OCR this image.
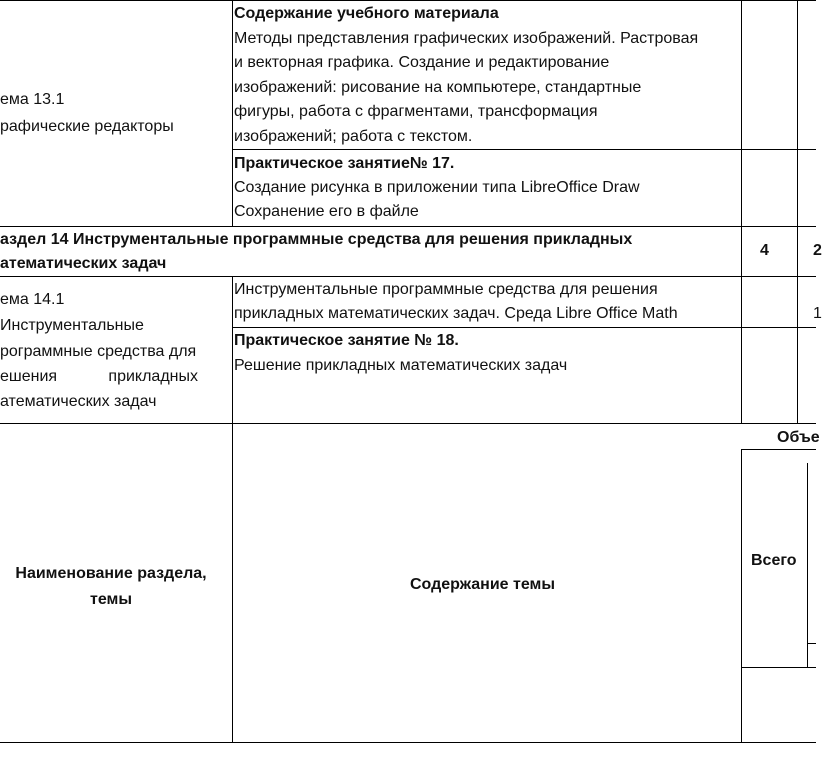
ема 13.1
рафические редакторы
Содержание учебного материала
Методы представления графических изображений. Растровая
и векторная графика. Создание и редактирование
изображений: рисование на компьютере, стандартные
фигуры, работа с фрагментами, трансформация
изображений; работа с текстом.
Практическое занятие№ 17.
Создание рисунка в приложении типа LibreOffice Draw
Сохранение его в файле
аздел 14 Инструментальные программные средства для решения прикладных
атематических задач
4	2
ема 14.1
Инструментальные
рограммные средства для
ешения прикладных
атематических задач
Инструментальные программные средства для решения
прикладных математических задач. Среда Libre Office Math	1
Практическое занятие № 18.
Решение прикладных математических задач
Наименование раздела, темы
Содержание темы
Объе
Всего
